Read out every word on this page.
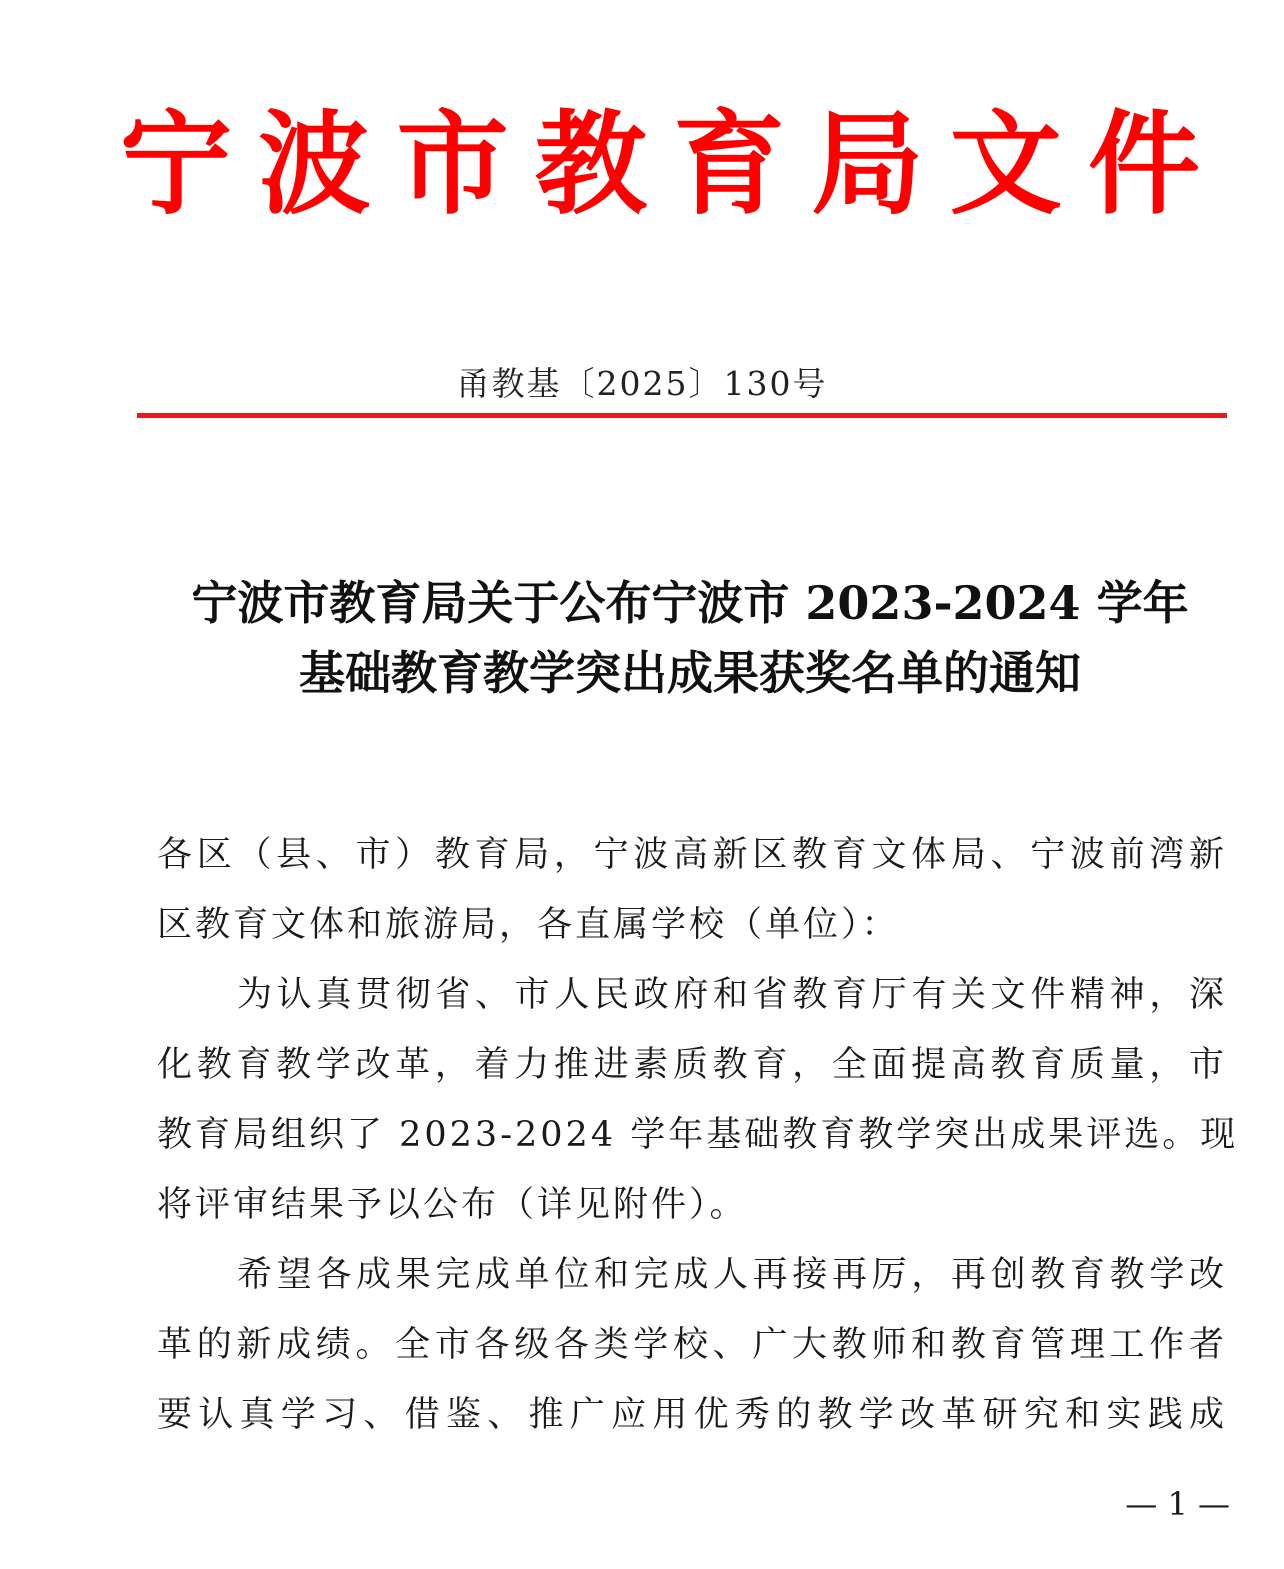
宁 波 市 教 育 局 文 件
甬教基〔2025〕130号
宁波市教育局关于公布宁波市 2023-2024 学年
基础教育教学突出成果获奖名单的通知
各区（县、市）教育局，宁波高新区教育文体局、宁波前湾新
区教育文体和旅游局，各直属学校（单位）：
为认真贯彻省、市人民政府和省教育厅有关文件精神，深
化教育教学改革，着力推进素质教育，全面提高教育质量，市
教育局组织了 2023-2024 学年基础教育教学突出成果评选。现
将评审结果予以公布（详见附件）。
希望各成果完成单位和完成人再接再厉，再创教育教学改
革的新成绩。全市各级各类学校、广大教师和教育管理工作者
要认真学习、借鉴、推广应用优秀的教学改革研究和实践成
— 1 —
